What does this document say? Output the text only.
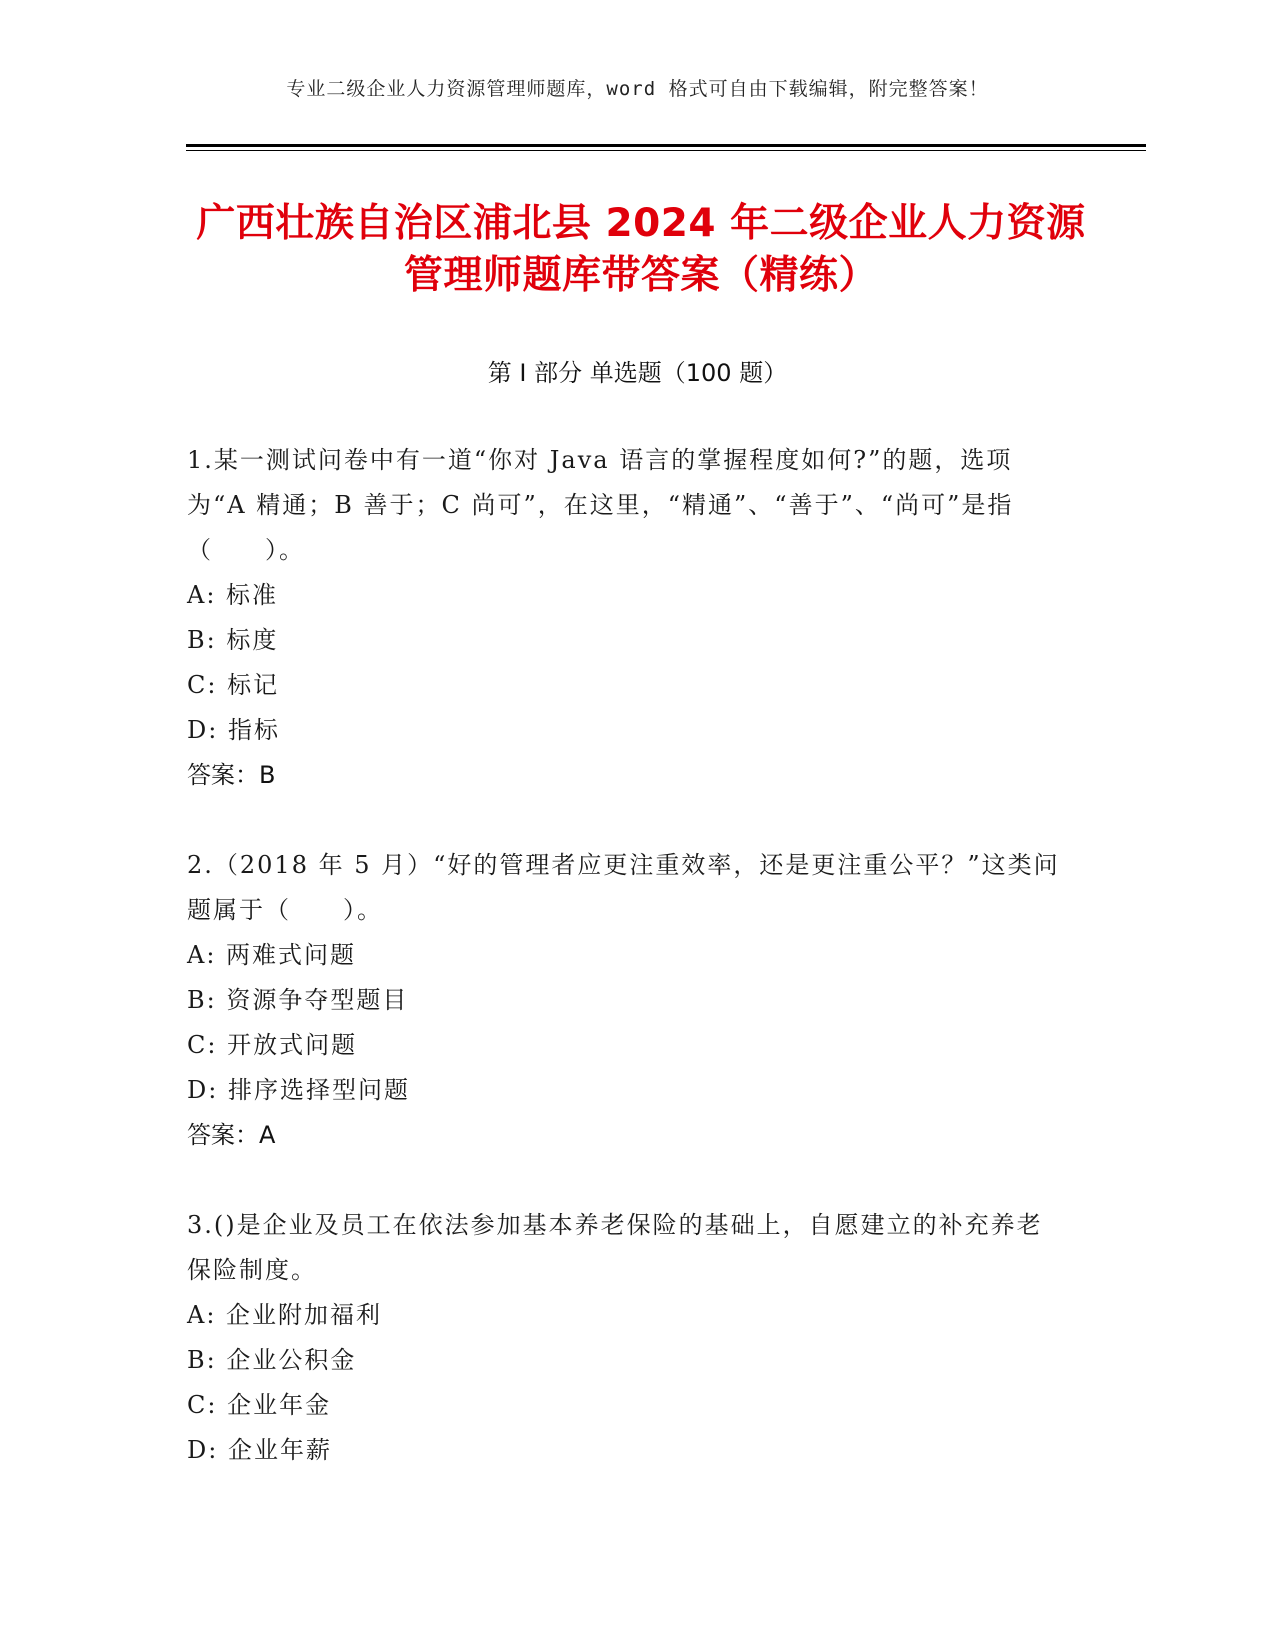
专业二级企业人力资源管理师题库，word 格式可自由下载编辑，附完整答案！
广西壮族自治区浦北县 2024 年二级企业人力资源管理师题库带答案（精练）
第 I 部分 单选题（100 题）
1.某一测试问卷中有一道“你对 Java 语言的掌握程度如何?”的题，选项为“A 精通；B 善于；C 尚可”，在这里，“精通”、“善于”、“尚可”是指（　　）。
A: 标准
B: 标度
C: 标记
D: 指标
答案：B
2.（2018 年 5 月）“好的管理者应更注重效率，还是更注重公平？”这类问题属于（　　）。
A: 两难式问题
B: 资源争夺型题目
C: 开放式问题
D: 排序选择型问题
答案：A
3.()是企业及员工在依法参加基本养老保险的基础上，自愿建立的补充养老保险制度。
A: 企业附加福利
B: 企业公积金
C: 企业年金
D: 企业年薪
